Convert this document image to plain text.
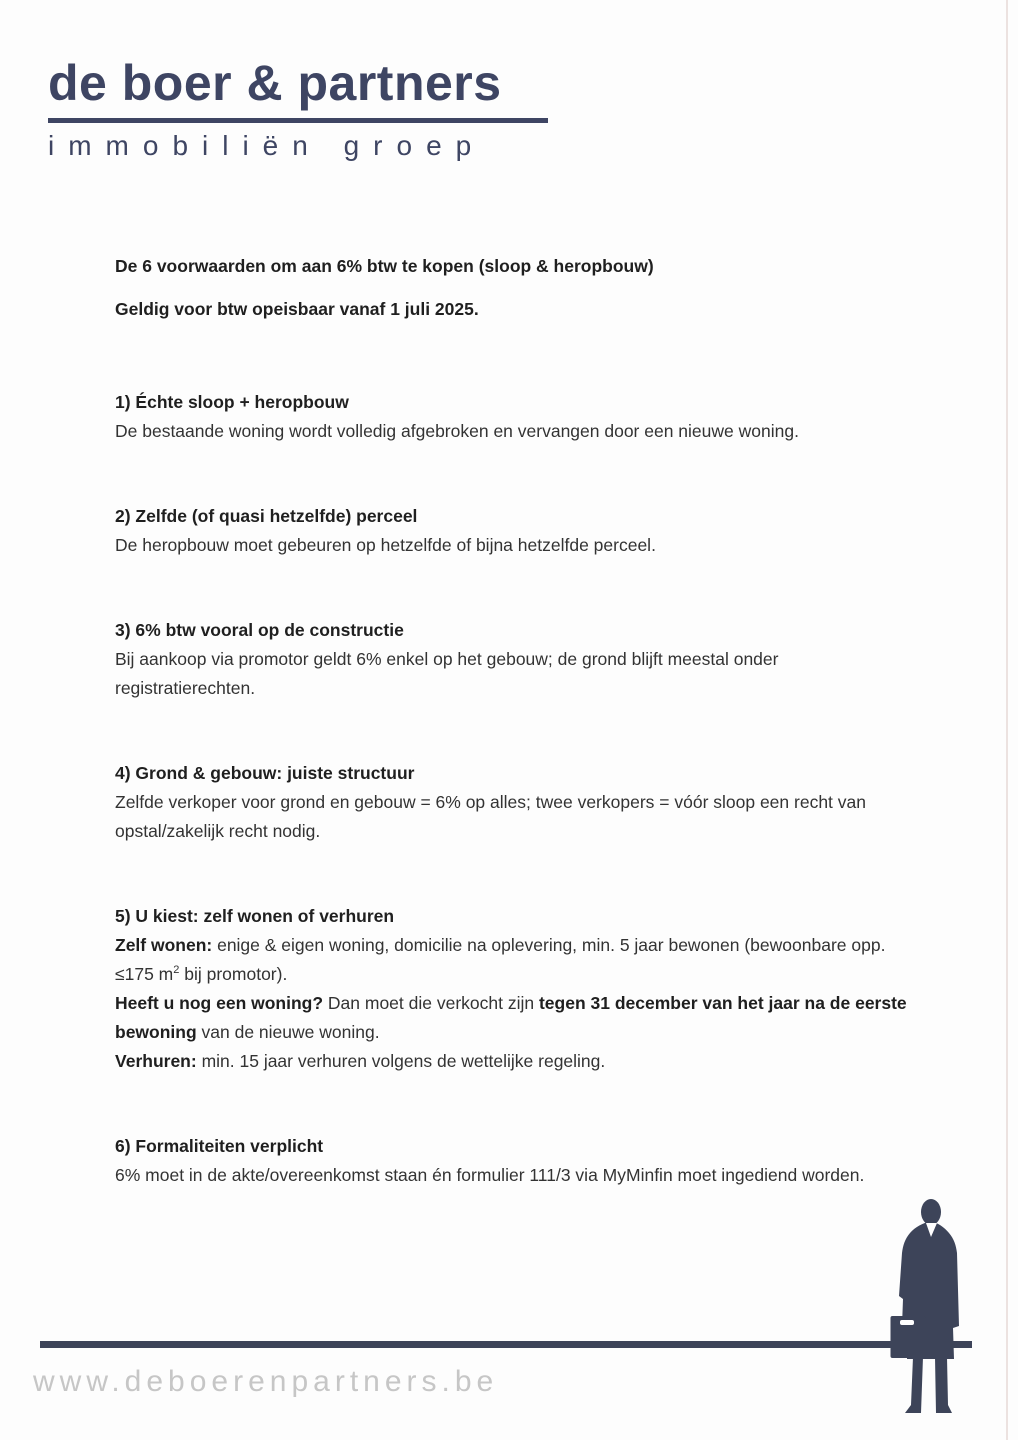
de boer & partners
immobiliën groep

De 6 voorwaarden om aan 6% btw te kopen (sloop & heropbouw)

Geldig voor btw opeisbaar vanaf 1 juli 2025.

1) Échte sloop + heropbouw

De bestaande woning wordt volledig afgebroken en vervangen door een nieuwe woning.

2) Zelfde (of quasi hetzelfde) perceel

De heropbouw moet gebeuren op hetzelfde of bijna hetzelfde perceel.

3) 6% btw vooral op de constructie

Bij aankoop via promotor geldt 6% enkel op het gebouw; de grond blijft meestal onder registratierechten.

4) Grond & gebouw: juiste structuur

Zelfde verkoper voor grond en gebouw = 6% op alles; twee verkopers = vóór sloop een recht van opstal/zakelijk recht nodig.

5) U kiest: zelf wonen of verhuren

Zelf wonen: enige & eigen woning, domicilie na oplevering, min. 5 jaar bewonen (bewoonbare opp. ≤175 $m^2$ bij promotor).

Heeft u nog een woning? Dan moet die verkocht zijn tegen 31 december van het jaar na de eerste bewoning van de nieuwe woning.

Verhuren: min. 15 jaar verhuren volgens de wettelijke regeling.

6) Formaliteiten verplicht

6% moet in de akte/overeenkomst staan én formulier 111/3 via MyMinfin moet ingediend worden.

www.deboerenpartners.be
